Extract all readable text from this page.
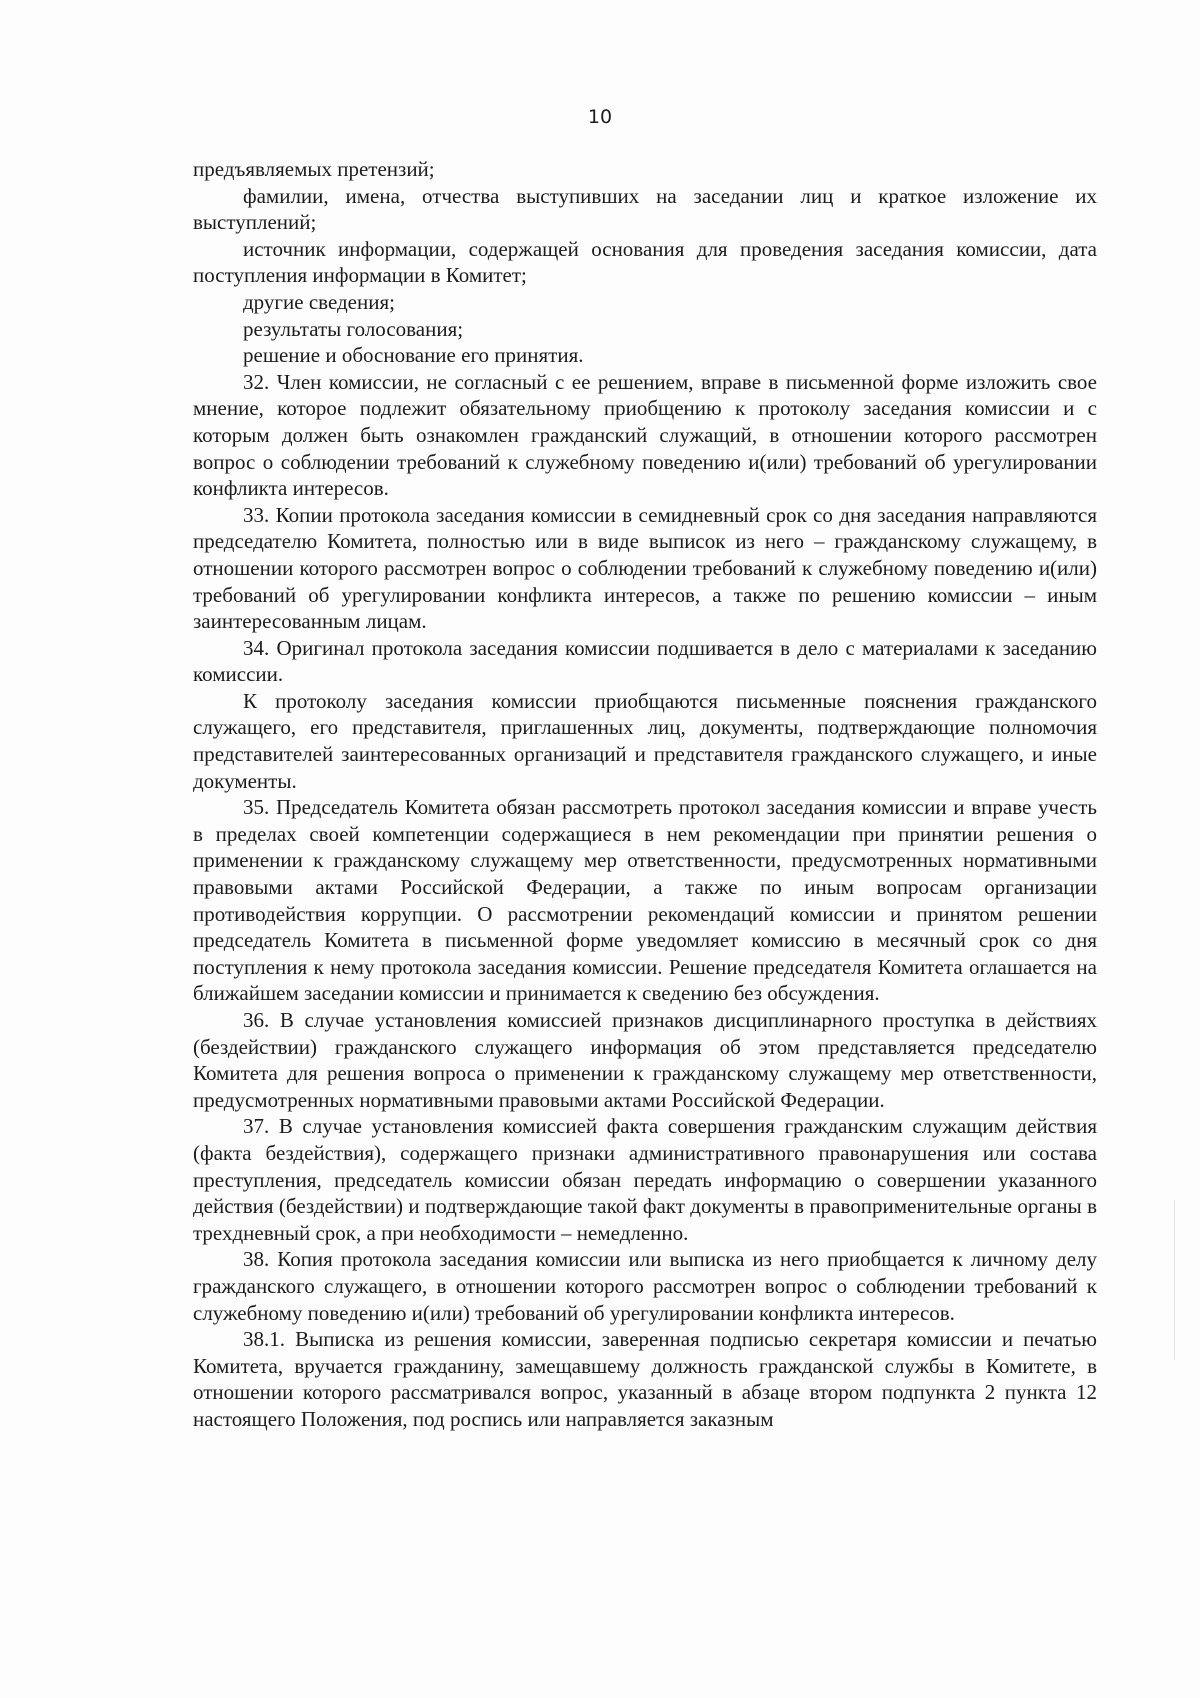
10

предъявляемых претензий;

фамилии, имена, отчества выступивших на заседании лиц и краткое изложение их выступлений;

источник информации, содержащей основания для проведения заседания комиссии, дата поступления информации в Комитет;

другие сведения;

результаты голосования;

решение и обоснование его принятия.

32. Член комиссии, не согласный с ее решением, вправе в письменной форме изложить свое мнение, которое подлежит обязательному приобщению к протоколу заседания комиссии и с которым должен быть ознакомлен гражданский служащий, в отношении которого рассмотрен вопрос о соблюдении требований к служебному поведению и(или) требований об урегулировании конфликта интересов.

33. Копии протокола заседания комиссии в семидневный срок со дня заседания направляются председателю Комитета, полностью или в виде выписок из него – гражданскому служащему, в отношении которого рассмотрен вопрос о соблюдении требований к служебному поведению и(или) требований об урегулировании конфликта интересов, а также по решению комиссии – иным заинтересованным лицам.

34. Оригинал протокола заседания комиссии подшивается в дело с материалами к заседанию комиссии.

К протоколу заседания комиссии приобщаются письменные пояснения гражданского служащего, его представителя, приглашенных лиц, документы, подтверждающие полномочия представителей заинтересованных организаций и представителя гражданского служащего, и иные документы.

35. Председатель Комитета обязан рассмотреть протокол заседания комиссии и вправе учесть в пределах своей компетенции содержащиеся в нем рекомендации при принятии решения о применении к гражданскому служащему мер ответственности, предусмотренных нормативными правовыми актами Российской Федерации, а также по иным вопросам организации противодействия коррупции. О рассмотрении рекомендаций комиссии и принятом решении председатель Комитета в письменной форме уведомляет комиссию в месячный срок со дня поступления к нему протокола заседания комиссии. Решение председателя Комитета оглашается на ближайшем заседании комиссии и принимается к сведению без обсуждения.

36. В случае установления комиссией признаков дисциплинарного проступка в действиях (бездействии) гражданского служащего информация об этом представляется председателю Комитета для решения вопроса о применении к гражданскому служащему мер ответственности, предусмотренных нормативными правовыми актами Российской Федерации.

37. В случае установления комиссией факта совершения гражданским служащим действия (факта бездействия), содержащего признаки административного правонарушения или состава преступления, председатель комиссии обязан передать информацию о совершении указанного действия (бездействии) и подтверждающие такой факт документы в правоприменительные органы в трехдневный срок, а при необходимости – немедленно.

38. Копия протокола заседания комиссии или выписка из него приобщается к личному делу гражданского служащего, в отношении которого рассмотрен вопрос о соблюдении требований к служебному поведению и(или) требований об урегулировании конфликта интересов.

38.1. Выписка из решения комиссии, заверенная подписью секретаря комиссии и печатью Комитета, вручается гражданину, замещавшему должность гражданской службы в Комитете, в отношении которого рассматривался вопрос, указанный в абзаце втором подпункта 2 пункта 12 настоящего Положения, под роспись или направляется заказным
